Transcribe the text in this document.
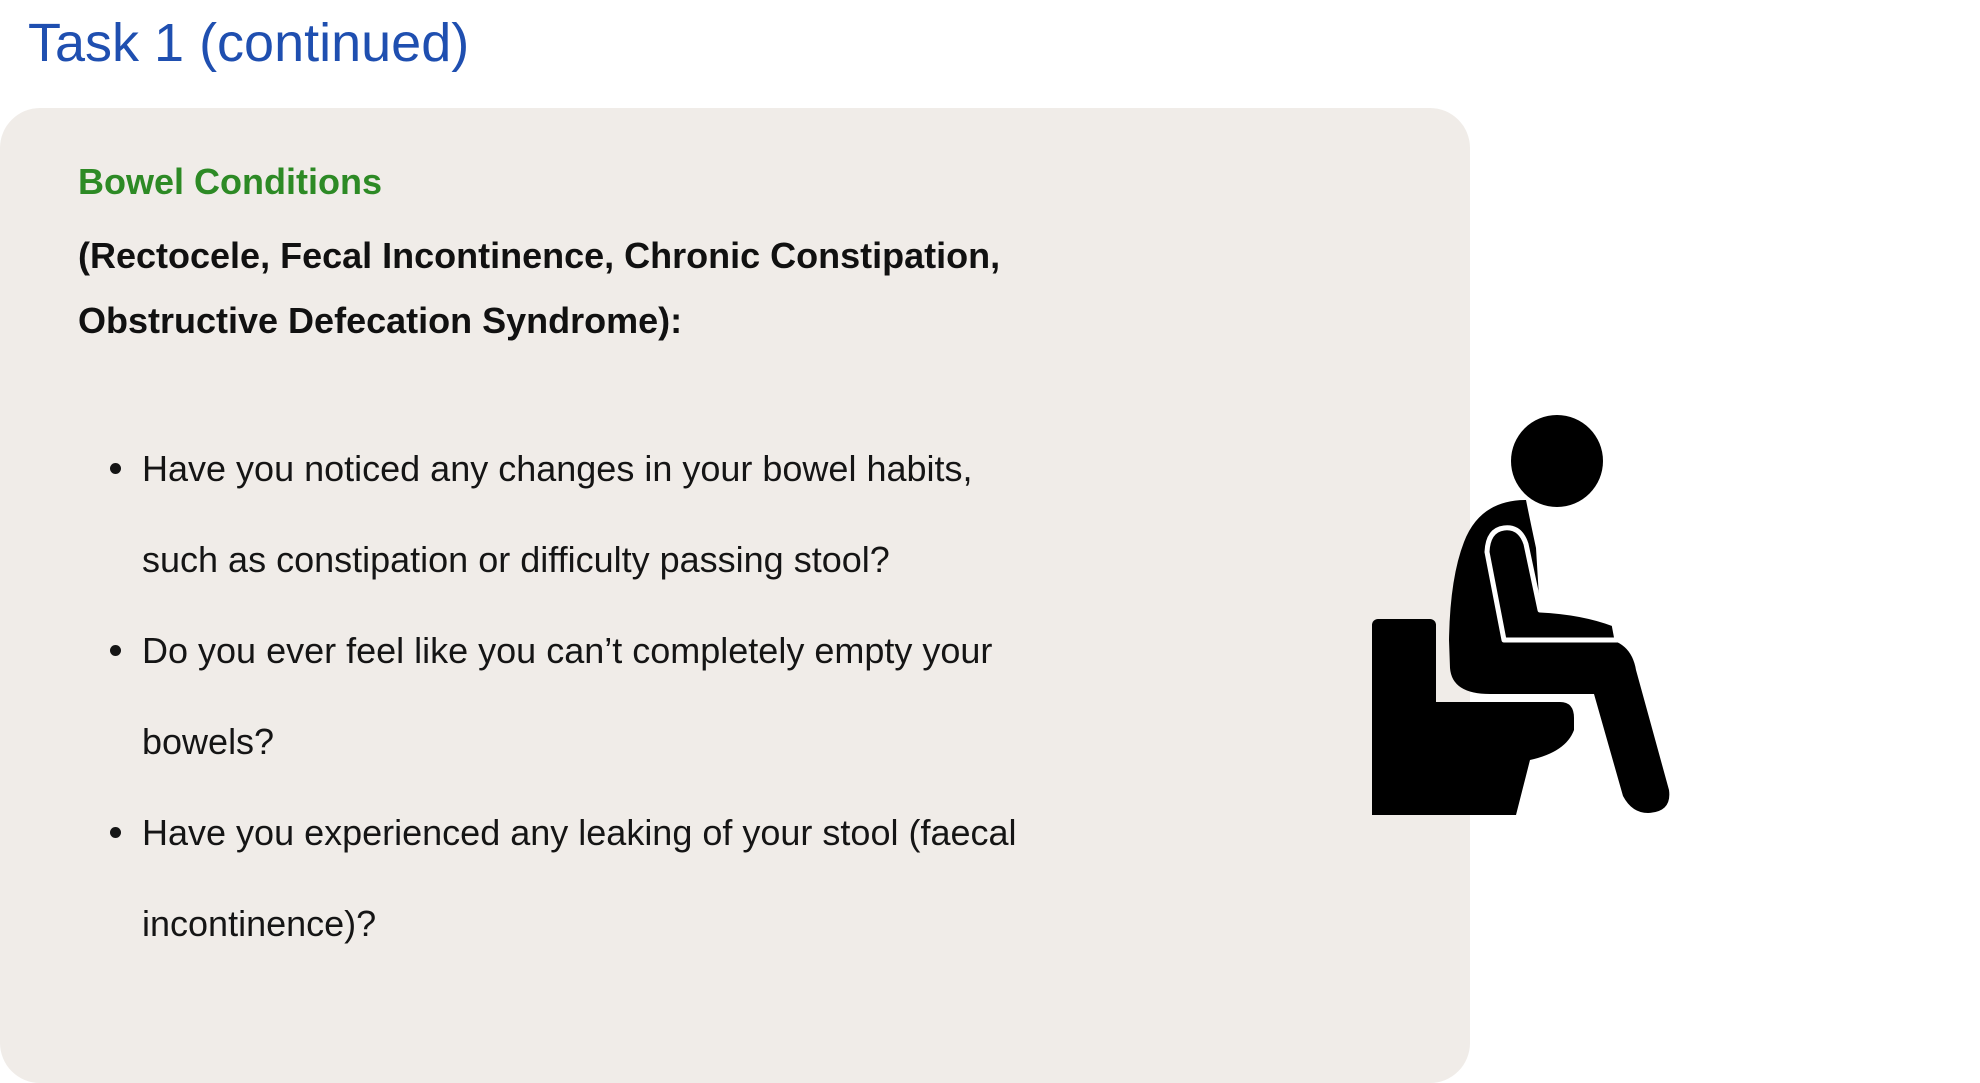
Task 1 (continued)
Bowel Conditions
(Rectocele, Fecal Incontinence, Chronic Constipation,
Obstructive Defecation Syndrome):
Have you noticed any changes in your bowel habits,
such as constipation or difficulty passing stool?
Do you ever feel like you can’t completely empty your
bowels?
Have you experienced any leaking of your stool (faecal
incontinence)?
